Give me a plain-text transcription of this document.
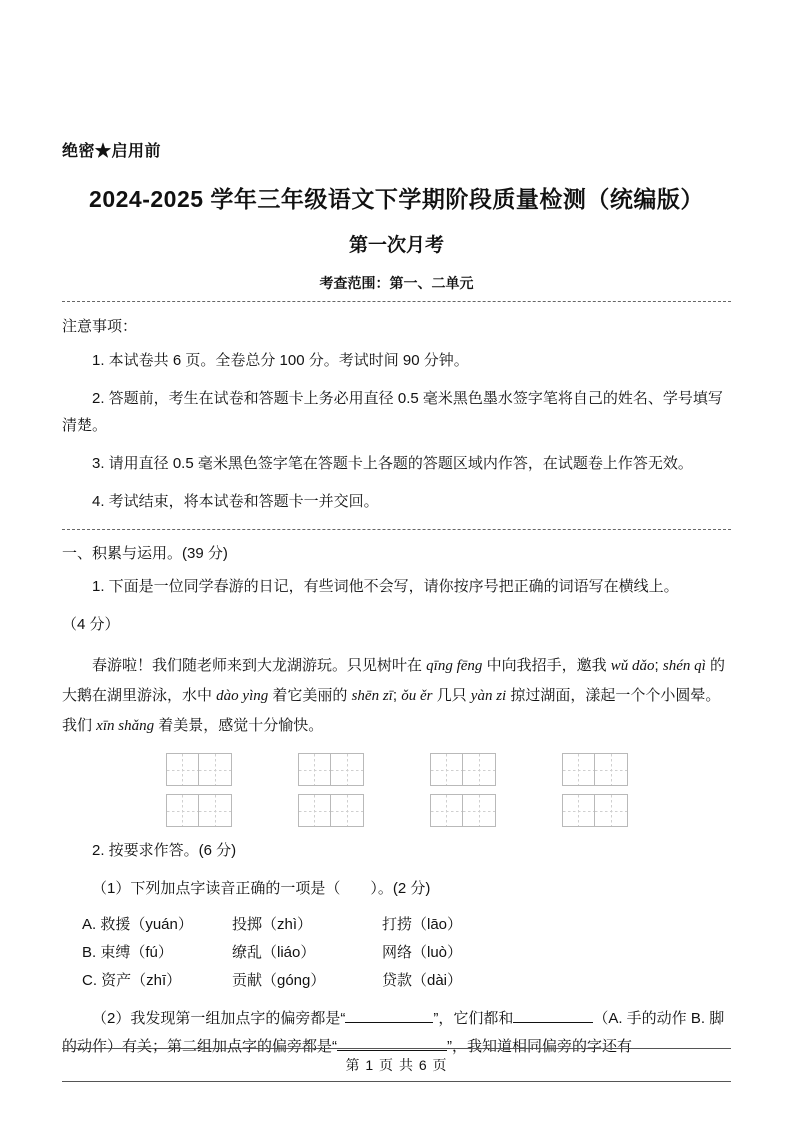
绝密★启用前
2024-2025 学年三年级语文下学期阶段质量检测（统编版）
第一次月考
考查范围：第一、二单元
注意事项：
1. 本试卷共 6 页。全卷总分 100 分。考试时间 90 分钟。
2. 答题前，考生在试卷和答题卡上务必用直径 0.5 毫米黑色墨水签字笔将自己的姓名、学号填写清楚。
3. 请用直径 0.5 毫米黑色签字笔在答题卡上各题的答题区域内作答，在试题卷上作答无效。
4. 考试结束，将本试卷和答题卡一并交回。
一、积累与运用。(39 分)
1. 下面是一位同学春游的日记，有些词他不会写，请你按序号把正确的词语写在横线上。
（4 分）
春游啦！我们随老师来到大龙湖游玩。只见树叶在 qīng fēng 中向我招手，邀我 wǔ dǎo; shén qì 的大鹅在湖里游泳，水中 dào yìng 着它美丽的 shēn zī; ǒu ěr 几只 yàn zi 掠过湖面，漾起一个个小圆晕。我们 xīn shǎng 着美景，感觉十分愉快。
2. 按要求作答。(6 分)
（1）下列加点字读音正确的一项是（　　）。(2 分)
A. 救援（yuán）	投掷（zhì）	打捞（lāo）
B. 束缚（fú）	缭乱（liáo）	网络（luò）
C. 资产（zhī）	贡献（góng）	贷款（dài）
（2）我发现第一组加点字的偏旁都是“	”，它们都和	（A. 手的动作 B. 脚的动作）有关；第二组加点字的偏旁都是“	”，我知道相同偏旁的字还有
第 1 页 共 6 页
